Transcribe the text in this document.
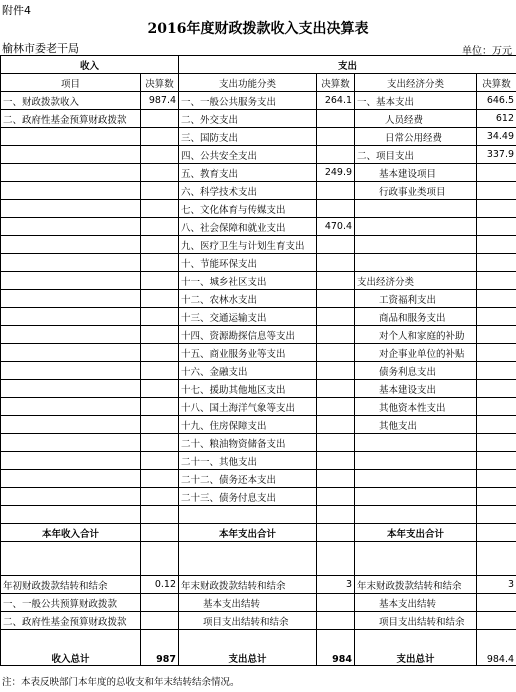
附件4
2016年度财政拨款收入支出决算表
榆林市委老干局	单位：万元
收入		支出			
项目	决算数	支出功能分类	决算数	支出经济分类	决算数
一、财政拨款收入	987.4	一、一般公共服务支出	264.1	一、基本支出	646.5
二、政府性基金预算财政拨款		二、外交支出		人员经费	612
		三、国防支出		日常公用经费	34.49
		四、公共安全支出		二、项目支出	337.9
		五、教育支出	249.9	基本建设项目	
		六、科学技术支出		行政事业类项目	
		七、文化体育与传媒支出			
		八、社会保障和就业支出	470.4		
		九、医疗卫生与计划生育支出			
		十、节能环保支出			
		十一、城乡社区支出		支出经济分类	
		十二、农林水支出		工资福利支出	
		十三、交通运输支出		商品和服务支出	
		十四、资源勘探信息等支出		对个人和家庭的补助	
		十五、商业服务业等支出		对企事业单位的补贴	
		十六、金融支出		债务利息支出	
		十七、援助其他地区支出		基本建设支出	
		十八、国土海洋气象等支出		其他资本性支出	
		十九、住房保障支出		其他支出	
		二十、粮油物资储备支出			
		二十一、其他支出			
		二十二、债务还本支出			
		二十三、债务付息支出			

本年收入合计		本年支出合计		本年支出合计	

年初财政拨款结转和结余	0.12	年末财政拨款结转和结余	3	年末财政拨款结转和结余	3
一、一般公共预算财政拨款		基本支出结转		基本支出结转	
二、政府性基金预算财政拨款		项目支出结转和结余		项目支出结转和结余	
收入总计	987	支出总计	984	支出总计	984.4
注：本表反映部门本年度的总收支和年末结转结余情况。
